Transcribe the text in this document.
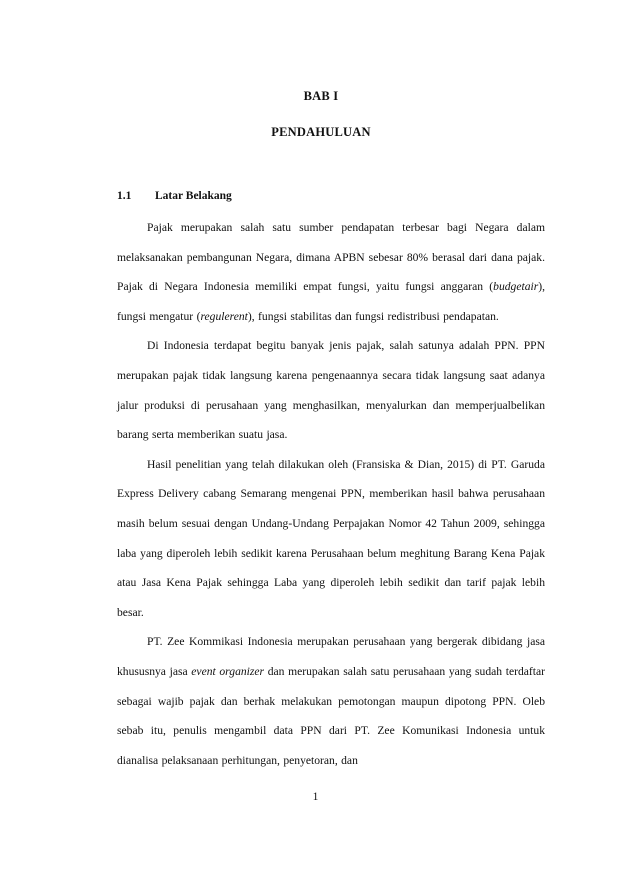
BAB I
PENDAHULUAN
1.1 Latar Belakang

Pajak merupakan salah satu sumber pendapatan terbesar bagi Negara dalam melaksanakan pembangunan Negara, dimana APBN sebesar 80% berasal dari dana pajak. Pajak di Negara Indonesia memiliki empat fungsi, yaitu fungsi anggaran (budgetair), fungsi mengatur (regulerent), fungsi stabilitas dan fungsi redistribusi pendapatan.

Di Indonesia terdapat begitu banyak jenis pajak, salah satunya adalah PPN. PPN merupakan pajak tidak langsung karena pengenaannya secara tidak langsung saat adanya jalur produksi di perusahaan yang menghasilkan, menyalurkan dan memperjualbelikan barang serta memberikan suatu jasa.

Hasil penelitian yang telah dilakukan oleh (Fransiska & Dian, 2015) di PT. Garuda Express Delivery cabang Semarang mengenai PPN, memberikan hasil bahwa perusahaan masih belum sesuai dengan Undang-Undang Perpajakan Nomor 42 Tahun 2009, sehingga laba yang diperoleh lebih sedikit karena Perusahaan belum meghitung Barang Kena Pajak atau Jasa Kena Pajak sehingga Laba yang diperoleh lebih sedikit dan tarif pajak lebih besar.

PT. Zee Kommikasi Indonesia merupakan perusahaan yang bergerak dibidang jasa khususnya jasa event organizer dan merupakan salah satu perusahaan yang sudah terdaftar sebagai wajib pajak dan berhak melakukan pemotongan maupun dipotong PPN. Oleb sebab itu, penulis mengambil data PPN dari PT. Zee Komunikasi Indonesia untuk dianalisa pelaksanaan perhitungan, penyetoran, dan

1
